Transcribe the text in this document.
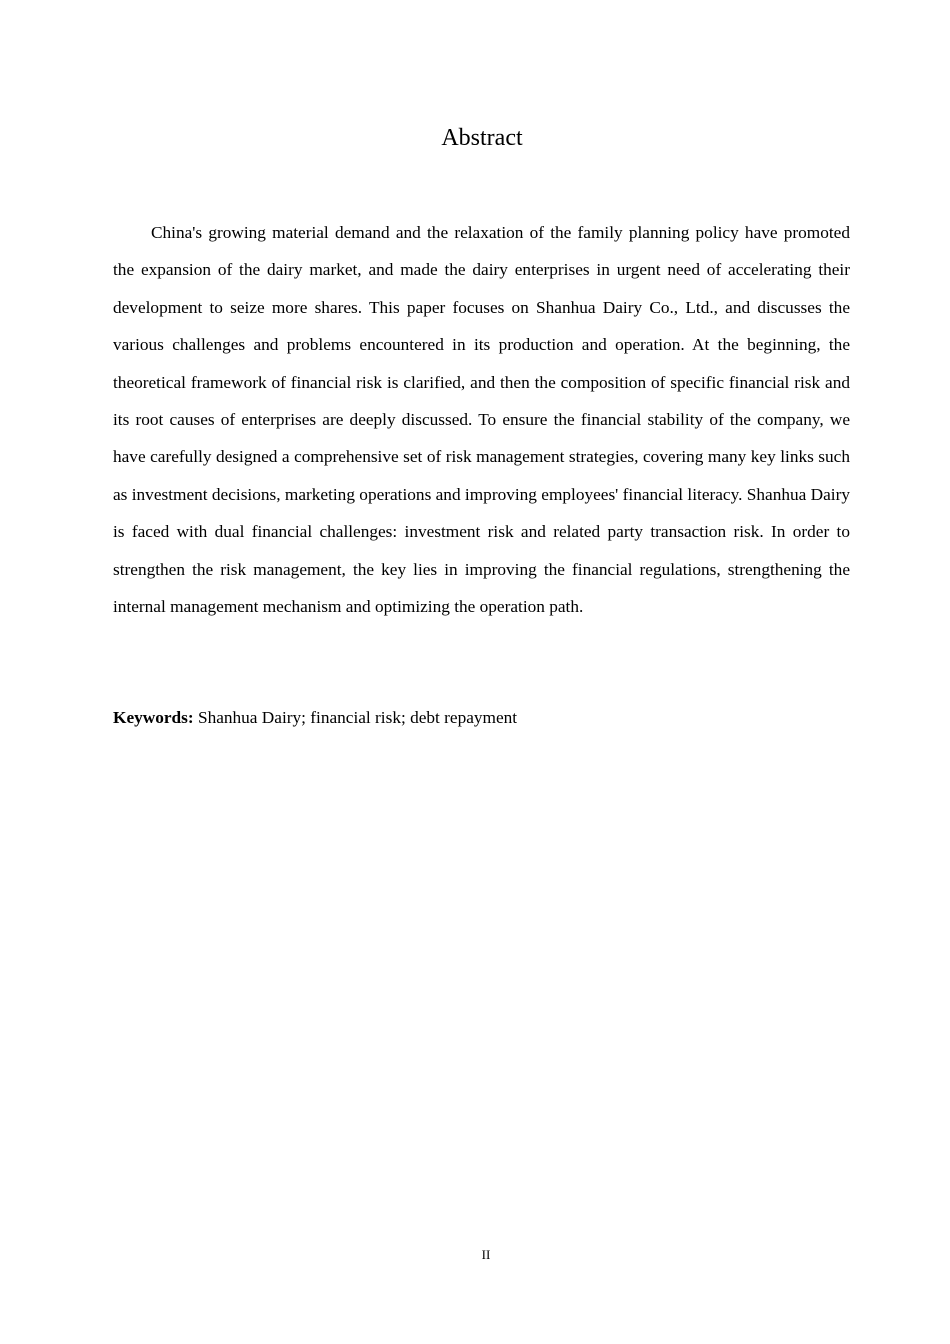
Abstract

China's growing material demand and the relaxation of the family planning policy have promoted the expansion of the dairy market, and made the dairy enterprises in urgent need of accelerating their development to seize more shares. This paper focuses on Shanhua Dairy Co., Ltd., and discusses the various challenges and problems encountered in its production and operation. At the beginning, the theoretical framework of financial risk is clarified, and then the composition of specific financial risk and its root causes of enterprises are deeply discussed. To ensure the financial stability of the company, we have carefully designed a comprehensive set of risk management strategies, covering many key links such as investment decisions, marketing operations and improving employees' financial literacy. Shanhua Dairy is faced with dual financial challenges: investment risk and related party transaction risk. In order to strengthen the risk management, the key lies in improving the financial regulations, strengthening the internal management mechanism and optimizing the operation path.

Keywords: Shanhua Dairy; financial risk; debt repayment

II
